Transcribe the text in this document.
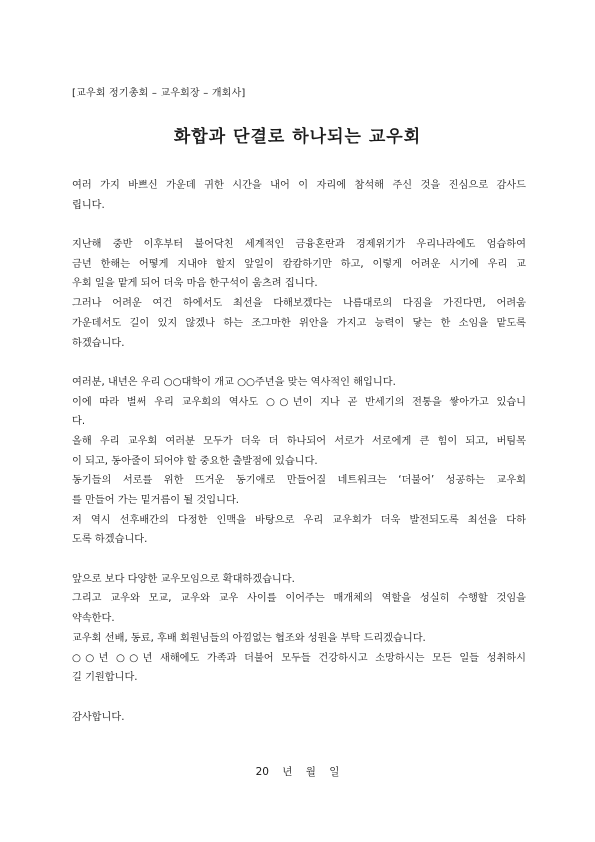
[교우회 정기총회 – 교우회장 – 개회사]
화합과 단결로 하나되는 교우회
여러 가지 바쁘신 가운데 귀한 시간을 내어 이 자리에 참석해 주신 것을 진심으로 감사드
립니다.
지난해 중반 이후부터 불어닥친 세계적인 금융혼란과 경제위기가 우리나라에도 엄습하여
금년 한해는 어떻게 지내야 할지 앞일이 캄캄하기만 하고, 이렇게 어려운 시기에 우리 교
우회 일을 맡게 되어 더욱 마음 한구석이 움츠려 집니다.
그러나 어려운 여건 하에서도 최선을 다해보겠다는 나름대로의 다짐을 가진다면, 어려움
가운데서도 길이 있지 않겠나 하는 조그마한 위안을 가지고 능력이 닿는 한 소임을 맡도록
하겠습니다.
여러분, 내년은 우리 ○○대학이 개교 ○○주년을 맞는 역사적인 해입니다.
이에 따라 벌써 우리 교우회의 역사도 ○○년이 지나 곧 반세기의 전통을 쌓아가고 있습니
다.
올해 우리 교우회 여러분 모두가 더욱 더 하나되어 서로가 서로에게 큰 힘이 되고, 버팀목
이 되고, 동아줄이 되어야 할 중요한 출발점에 있습니다.
동기들의 서로를 위한 뜨거운 동기애로 만들어질 네트워크는 ‘더불어’ 성공하는 교우회
를 만들어 가는 밑거름이 될 것입니다.
저 역시 선후배간의 다정한 인맥을 바탕으로 우리 교우회가 더욱 발전되도록 최선을 다하
도록 하겠습니다.
앞으로 보다 다양한 교우모임으로 확대하겠습니다.
그리고 교우와 모교, 교우와 교우 사이를 이어주는 매개체의 역할을 성실히 수행할 것임을
약속한다.
교우회 선배, 동료, 후배 회원님들의 아낌없는 협조와 성원을 부탁 드리겠습니다.
○○년 ○○년 새해에도 가족과 더불어 모두들 건강하시고 소망하시는 모든 일들 성취하시
길 기원합니다.
감사합니다.
20 년 월 일
